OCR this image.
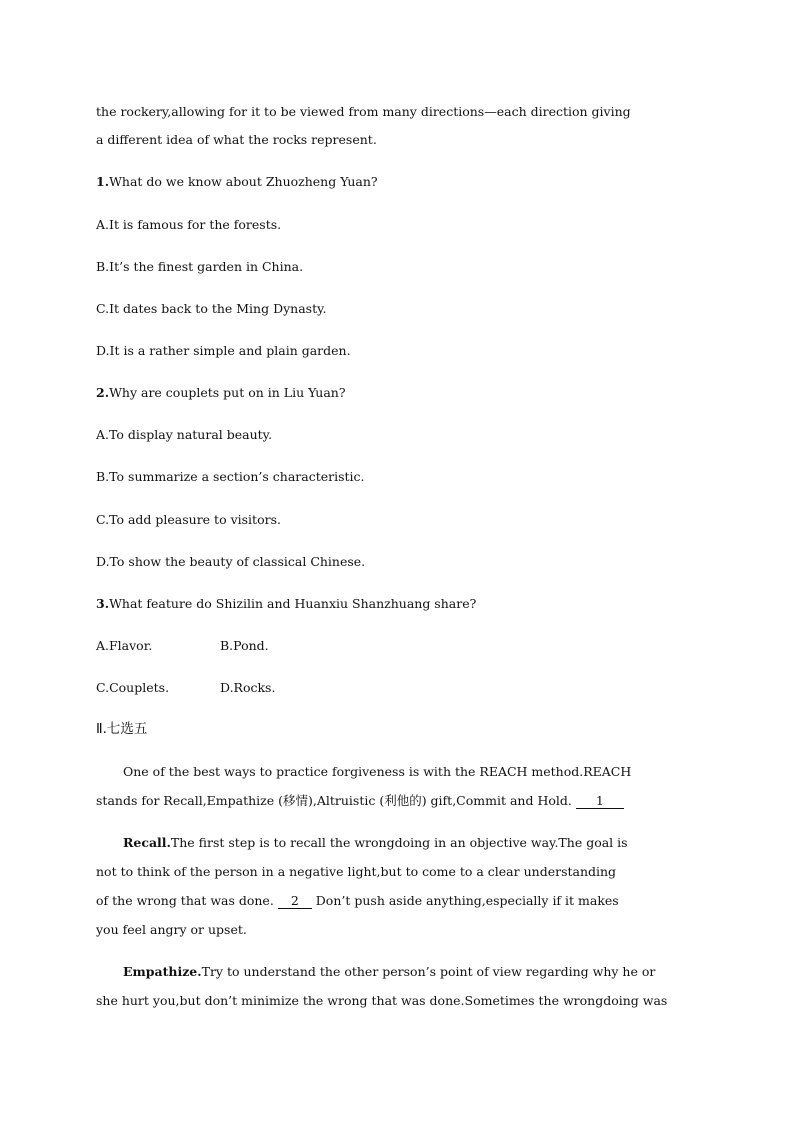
the rockery,allowing for it to be viewed from many directions—each direction giving
a different idea of what the rocks represent.
1.What do we know about Zhuozheng Yuan?
A.It is famous for the forests.
B.It’s the finest garden in China.
C.It dates back to the Ming Dynasty.
D.It is a rather simple and plain garden.
2.Why are couplets put on in Liu Yuan?
A.To display natural beauty.
B.To summarize a section’s characteristic.
C.To add pleasure to visitors.
D.To show the beauty of classical Chinese.
3.What feature do Shizilin and Huanxiu Shanzhuang share?
A.Flavor.	B.Pond.
C.Couplets.	D.Rocks.
Ⅱ.七选五
One of the best ways to practice forgiveness is with the REACH method.REACH
stands for Recall,Empathize (移情),Altruistic (利他的) gift,Commit and Hold. 1
Recall.The first step is to recall the wrongdoing in an objective way.The goal is
not to think of the person in a negative light,but to come to a clear understanding
of the wrong that was done. 2 Don’t push aside anything,especially if it makes
you feel angry or upset.
Empathize.Try to understand the other person’s point of view regarding why he or
she hurt you,but don’t minimize the wrong that was done.Sometimes the wrongdoing was
